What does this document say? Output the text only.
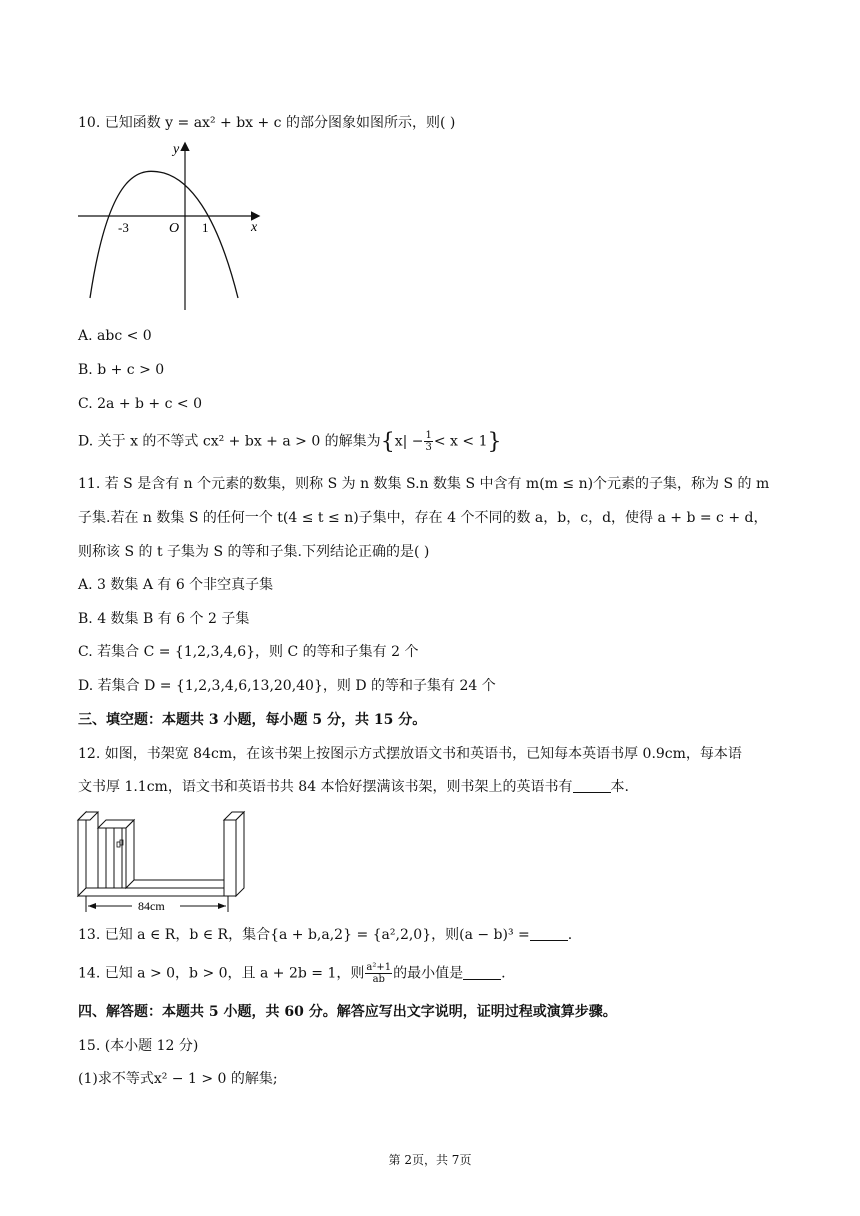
10. 已知函数 y = ax² + bx + c 的部分图象如图所示，则( )
y
x
O
-3	1
A. abc < 0
B. b + c > 0
C. 2a + b + c < 0
D. 关于 x 的不等式 cx² + bx + a > 0 的解集为$\{x| - \frac{1}{3} < x < 1\}$
11. 若 S 是含有 n 个元素的数集，则称 S 为 n 数集 S.n 数集 S 中含有 m(m ≤ n)个元素的子集，称为 S 的 m
子集.若在 n 数集 S 的任何一个 t(4 ≤ t ≤ n)子集中，存在 4 个不同的数 a，b，c，d，使得 a + b = c + d，
则称该 S 的 t 子集为 S 的等和子集.下列结论正确的是( )
A. 3 数集 A 有 6 个非空真子集
B. 4 数集 B 有 6 个 2 子集
C. 若集合 C = {1,2,3,4,6}，则 C 的等和子集有 2 个
D. 若集合 D = {1,2,3,4,6,13,20,40}，则 D 的等和子集有 24 个
三、填空题：本题共 3 小题，每小题 5 分，共 15 分。
12. 如图，书架宽 84cm，在该书架上按图示方式摆放语文书和英语书，已知每本英语书厚 0.9cm，每本语
文书厚 1.1cm，语文书和英语书共 84 本恰好摆满该书架，则书架上的英语书有	本.
84cm
13. 已知 a ∈ R，b ∈ R，集合{a + b,a,2} = {a²,2,0}，则(a − b)³ =	.
14. 已知 a > 0，b > 0，且 a + 2b = 1，则 $\frac{\text{a²+1}}{ab}$ 的最小值是	.
四、解答题：本题共 5 小题，共 60 分。解答应写出文字说明，证明过程或演算步骤。
15. (本小题 12 分)
(1)求不等式x² − 1 > 0 的解集;
第 2页，共 7页
